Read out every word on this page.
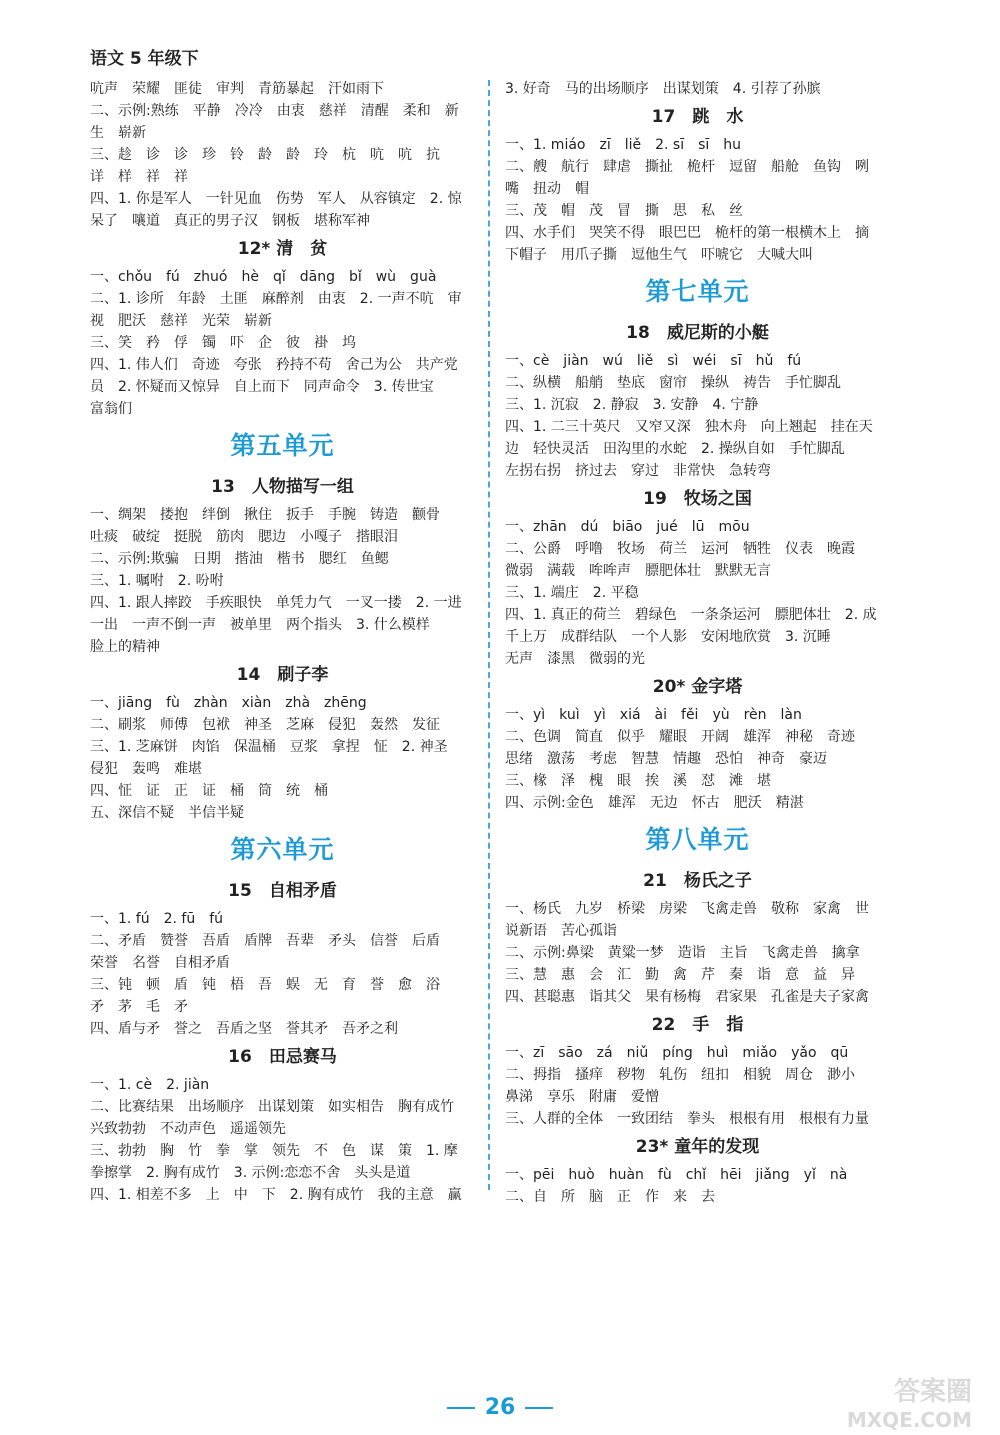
语文 5 年级下
吭声　荣耀　匪徒　审判　青筋暴起　汗如雨下
二、示例:熟练　平静　冷冷　由衷　慈祥　清醒　柔和　新
生　崭新
三、趁　诊　诊　珍　铃　龄　龄　玲　杭　吭　吭　抗
详　样　祥　祥
四、1. 你是军人　一针见血　伤势　军人　从容镇定　2. 惊
呆了　嚷道　真正的男子汉　钢板　堪称军神
12* 清　贫
一、chǒu　fú　zhuó　hè　qǐ　dāng　bǐ　wù　guà
二、1. 诊所　年龄　土匪　麻醉剂　由衷　2. 一声不吭　审
视　肥沃　慈祥　光荣　崭新
三、笑　矜　俘　镯　吓　企　彼　褂　坞
四、1. 伟人们　奇迹　夸张　矜持不苟　舍己为公　共产党
员　2. 怀疑而又惊异　自上而下　同声命令　3. 传世宝
富翁们
第五单元
13　人物描写一组
一、绸架　搂抱　绊倒　揪住　扳手　手腕　铸造　颧骨
吐痰　破绽　挺脱　筋肉　腮边　小嘎子　揩眼泪
二、示例:欺骗　日期　揩油　楷书　腮红　鱼鳃
三、1. 嘱咐　2. 吩咐
四、1. 跟人摔跤　手疾眼快　单凭力气　一叉一搂　2. 一进
一出　一声不倒一声　被单里　两个指头　3. 什么模样
脸上的精神
14　刷子李
一、jiāng　fù　zhàn　xiàn　zhà　zhēng
二、刷浆　师傅　包袱　神圣　芝麻　侵犯　轰然　发征
三、1. 芝麻饼　肉馅　保温桶　豆浆　拿捏　怔　2. 神圣
侵犯　轰鸣　难堪
四、怔　证　正　证　桶　筒　统　桶
五、深信不疑　半信半疑
第六单元
15　自相矛盾
一、1. fú　2. fū　fú
二、矛盾　赞誉　吾盾　盾牌　吾辈　矛头　信誉　后盾
荣誉　名誉　自相矛盾
三、钝　顿　盾　钝　梧　吾　蜈　无　育　誉　愈　浴
矛　茅　毛　矛
四、盾与矛　誉之　吾盾之坚　誉其矛　吾矛之利
16　田忌赛马
一、1. cè　2. jiàn
二、比赛结果　出场顺序　出谋划策　如实相告　胸有成竹
兴致勃勃　不动声色　遥遥领先
三、勃勃　胸　竹　拳　掌　领先　不　色　谋　策　1. 摩
拳擦掌　2. 胸有成竹　3. 示例:恋恋不舍　头头是道
四、1. 相差不多　上　中　下　2. 胸有成竹　我的主意　赢
3. 好奇　马的出场顺序　出谋划策　4. 引荐了孙膑
17　跳　水
一、1. miáo　zī　liě　2. sī　sī　hu
二、艘　航行　肆虐　撕扯　桅杆　逗留　船舱　鱼钩　咧
嘴　扭动　帽
三、茂　帽　茂　冒　撕　思　私　丝
四、水手们　哭笑不得　眼巴巴　桅杆的第一根横木上　摘
下帽子　用爪子撕　逗他生气　吓唬它　大喊大叫
第七单元
18　威尼斯的小艇
一、cè　jiàn　wú　liě　sì　wéi　sī　hǔ　fú
二、纵横　船艄　垫底　窗帘　操纵　祷告　手忙脚乱
三、1. 沉寂　2. 静寂　3. 安静　4. 宁静
四、1. 二三十英尺　又窄又深　独木舟　向上翘起　挂在天
边　轻快灵活　田沟里的水蛇　2. 操纵自如　手忙脚乱
左拐右拐　挤过去　穿过　非常快　急转弯
19　牧场之国
一、zhān　dú　biāo　jué　lū　mōu
二、公爵　呼噜　牧场　荷兰　运河　牺牲　仪表　晚霞
微弱　满载　哞哞声　膘肥体壮　默默无言
三、1. 端庄　2. 平稳
四、1. 真正的荷兰　碧绿色　一条条运河　膘肥体壮　2. 成
千上万　成群结队　一个人影　安闲地欣赏　3. 沉睡
无声　漆黑　微弱的光
20* 金字塔
一、yì　kuì　yì　xiá　ài　fěi　yù　rèn　làn
二、色调　简直　似乎　耀眼　开阔　雄浑　神秘　奇迹
思绪　激荡　考虑　智慧　情趣　恐怕　神奇　豪迈
三、椽　泽　槐　眼　挨　溪　怼　滩　堪
四、示例:金色　雄浑　无边　怀古　肥沃　精湛
第八单元
21　杨氏之子
一、杨氏　九岁　桥梁　房梁　飞禽走兽　敬称　家禽　世
说新语　苦心孤诣
二、示例:鼻梁　黄粱一梦　造诣　主旨　飞禽走兽　擒拿
三、慧　惠　会　汇　勤　禽　芹　秦　诣　意　益　异
四、甚聪惠　诣其父　果有杨梅　君家果　孔雀是夫子家禽
22　手　指
一、zī　sāo　zá　niǔ　píng　huì　miǎo　yǎo　qū
二、拇指　搔痒　秽物　轧伤　纽扣　相貌　周仓　渺小
鼻涕　享乐　附庸　爱憎
三、人群的全体　一致团结　拳头　根根有用　根根有力量
23* 童年的发现
一、pēi　huò　huàn　fù　chǐ　hēi　jiǎng　yǐ　nà
二、自　所　脑　正　作　来　去
26
答案圈
MXQE.COM
